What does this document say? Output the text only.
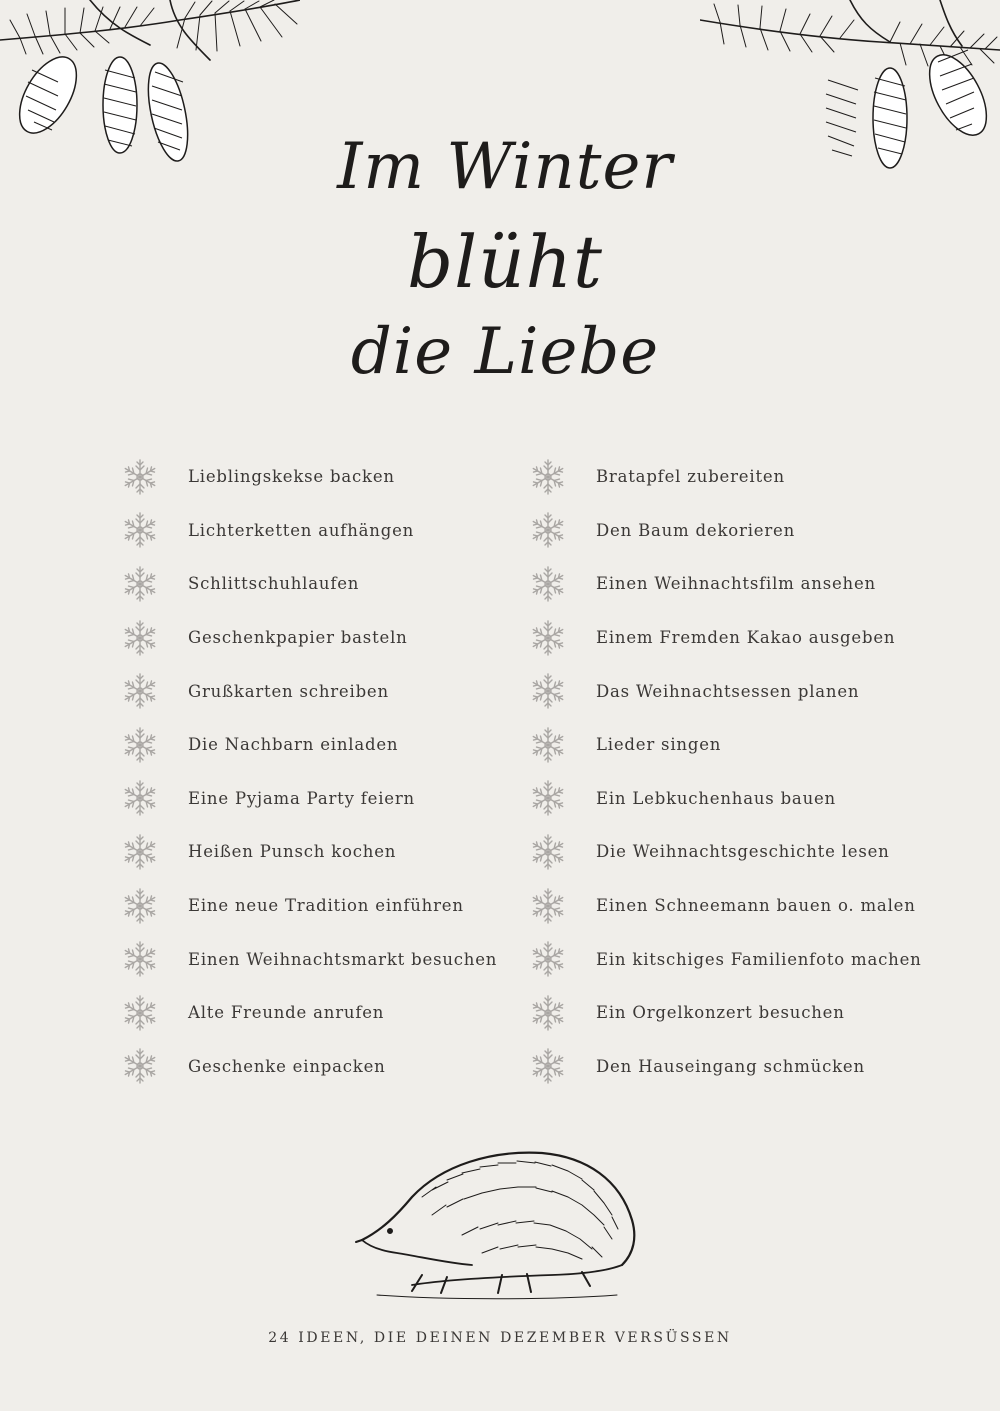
Im Winter
blüht
die Liebe
Lieblingskekse backen
Lichterketten aufhängen
Schlittschuhlaufen
Geschenkpapier basteln
Grußkarten schreiben
Die Nachbarn einladen
Eine Pyjama Party feiern
Heißen Punsch kochen
Eine neue Tradition einführen
Einen Weihnachtsmarkt besuchen
Alte Freunde anrufen
Geschenke einpacken
Bratapfel zubereiten
Den Baum dekorieren
Einen Weihnachtsfilm ansehen
Einem Fremden Kakao ausgeben
Das Weihnachtsessen planen
Lieder singen
Ein Lebkuchenhaus bauen
Die Weihnachtsgeschichte lesen
Einen Schneemann bauen o. malen
Ein kitschiges Familienfoto machen
Ein Orgelkonzert besuchen
Den Hauseingang schmücken
24 IDEEN, DIE DEINEN DEZEMBER VERSÜSSEN
